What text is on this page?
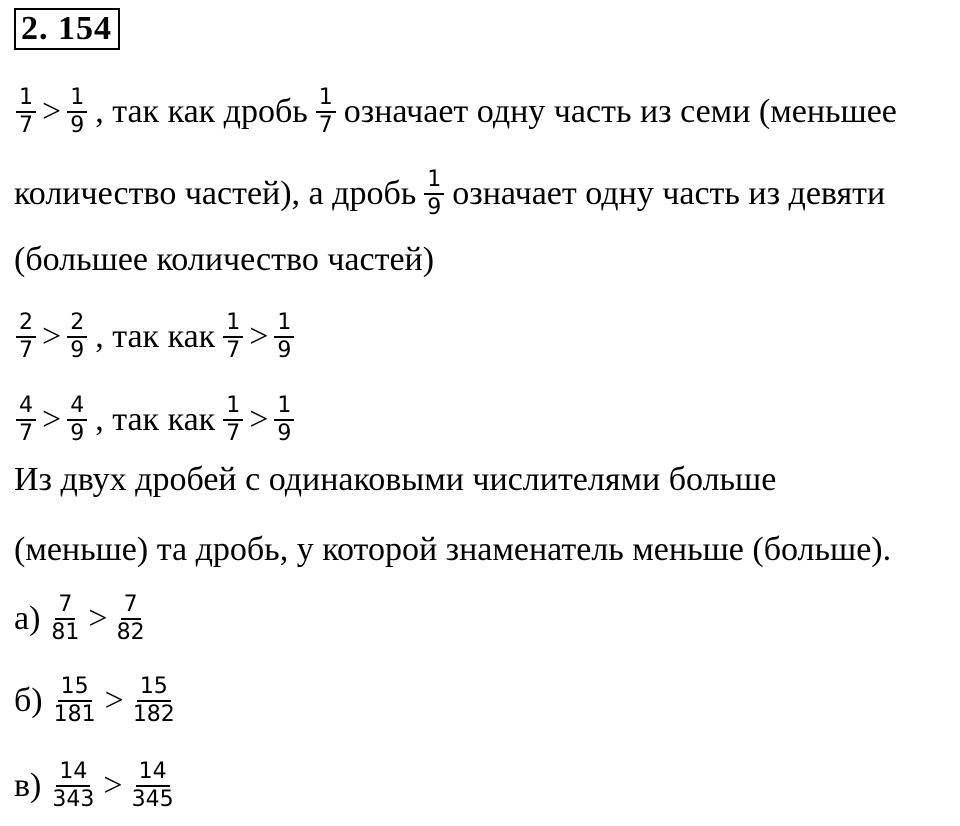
2. 154
$\frac{1}{7} > \frac{1}{9}$ , так как дробь $\frac{1}{7}$ означает одну часть из семи (меньшее
количество частей), а дробь $\frac{1}{9}$ означает одну часть из девяти
(большее количество частей)
$\frac{2}{7} > \frac{2}{9}$ , так как $\frac{1}{7} > \frac{1}{9}$
$\frac{4}{7} > \frac{4}{9}$ , так как $\frac{1}{7} > \frac{1}{9}$
Из двух дробей с одинаковыми числителями больше
(меньше) та дробь, у которой знаменатель меньше (больше).
$а) \frac{7}{81} > \frac{7}{82}$
$б) \frac{15}{181} > \frac{15}{182}$
$в) \frac{14}{343} > \frac{14}{345}$
